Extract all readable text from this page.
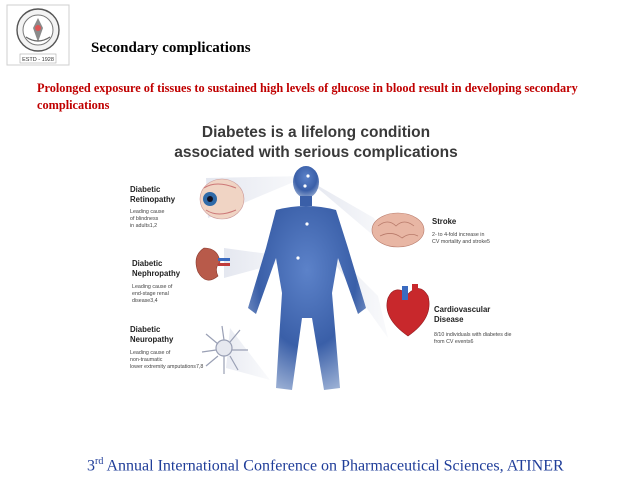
ESTD - 1928
Secondary complications
Prolonged exposure of tissues to sustained high levels of glucose in blood result in developing secondary complications
Diabetes is a lifelong condition
associated with serious complications
Diabetic
Retinopathy
Leading cause
of blindness
in adults1,2
Diabetic
Nephropathy
Leading cause of
end-stage renal
disease3,4
Diabetic
Neuropathy
Leading cause of
non-traumatic
lower extremity amputations7,8
Stroke
2- to 4-fold increase in
CV mortality and stroke5
Cardiovascular
Disease
8/10 individuals with diabetes die
from CV events6
3rd Annual International Conference on Pharmaceutical Sciences, ATINER
